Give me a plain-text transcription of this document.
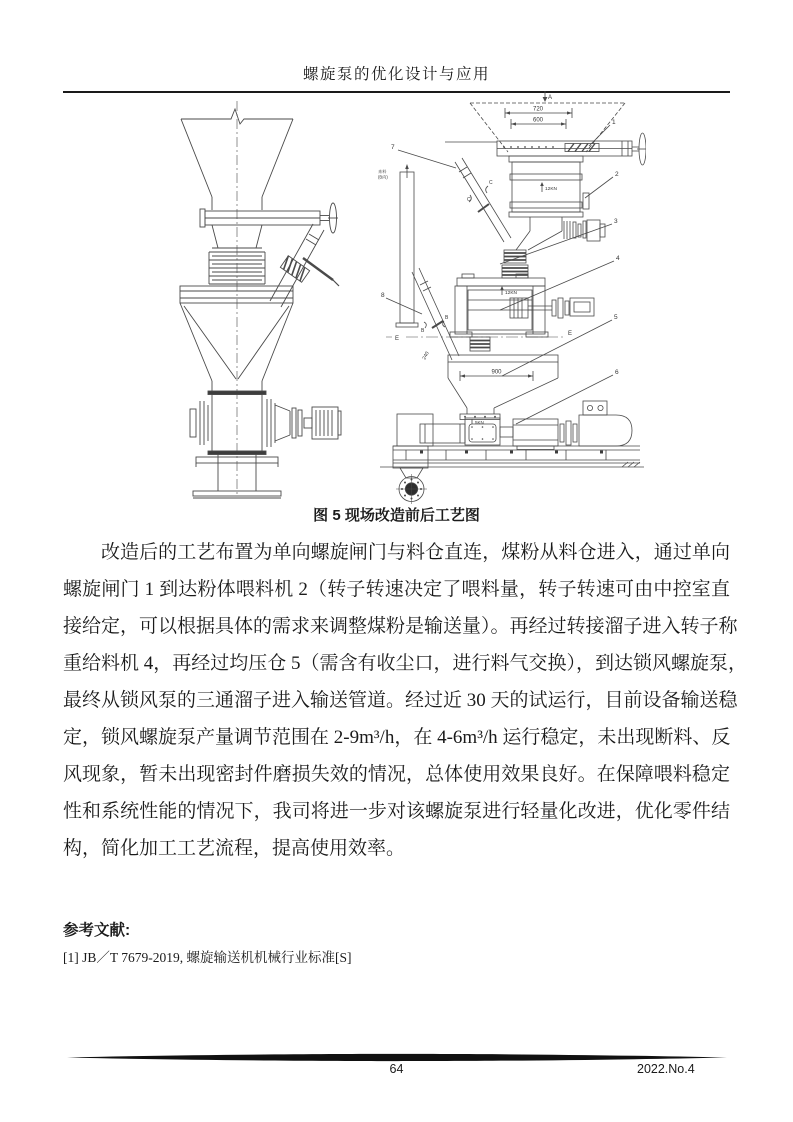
螺旋泵的优化设计与应用
A
720
600
900
240
12KN
12KN
5KN
C
C
B
B
E
E
来料
(B向)
1
2
3
4
5
6
7
8
图 5 现场改造前后工艺图
改造后的工艺布置为单向螺旋闸门与料仓直连，煤粉从料仓进入，通过单向
螺旋闸门 1 到达粉体喂料机 2（转子转速决定了喂料量，转子转速可由中控室直
接给定，可以根据具体的需求来调整煤粉是输送量）。再经过转接溜子进入转子称
重给料机 4，再经过均压仓 5（需含有收尘口，进行料气交换），到达锁风螺旋泵，
最终从锁风泵的三通溜子进入输送管道。经过近 30 天的试运行，目前设备输送稳
定，锁风螺旋泵产量调节范围在 2-9m³/h，在 4-6m³/h 运行稳定，未出现断料、反
风现象，暂未出现密封件磨损失效的情况，总体使用效果良好。在保障喂料稳定
性和系统性能的情况下，我司将进一步对该螺旋泵进行轻量化改进，优化零件结
构，简化加工工艺流程，提高使用效率。
参考文献:
[1] JB／T 7679-2019, 螺旋输送机机械行业标准[S]
64	2022.No.4
